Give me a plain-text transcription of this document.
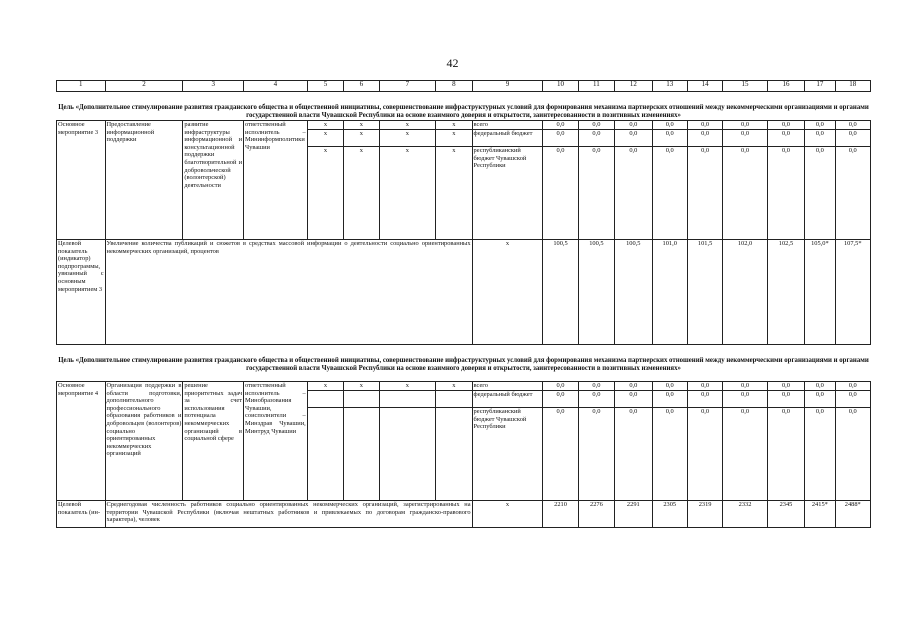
42
1	2	3	4	5	6	7	8	9	10	11	12	13	14	15	16	17	18
Цель «Дополнительное стимулирование развития гражданского общества и общественной инициативы, совершенствование инфраструктурных условий для формирования механизма партнерских отношений между некоммерческими организациями и органами государственной власти Чувашской Республики на основе взаимного доверия и открытости, заинтересованности в позитивных изменениях»																	
Основное мероприятие 3	Предоставление информационной поддержки	развитие инфраструктуры информационной и консультационной поддержки благотворительной и добровольческой (волонтерской) деятельности	ответственный исполнитель – Мининформполитики Чувашии	х	х	х	х	всего	0,0	0,0	0,0	0,0	0,0	0,0	0,0	0,0	0,0
				х	х	х	х	федеральный бюджет	0,0	0,0	0,0	0,0	0,0	0,0	0,0	0,0	0,0
				х	х	х	х	республиканский бюджет Чувашской Республики	0,0	0,0	0,0	0,0	0,0	0,0	0,0	0,0	0,0
Целевой показатель (индикатор) подпрограммы, увязанный с основным мероприятием 3	Увеличение количества публикаций и сюжетов в средствах массовой информации о деятельности социально ориентированных некоммерческих организаций, процентов							х	100,5	100,5	100,5	101,0	101,5	102,0	102,5	105,0*	107,5*
Цель «Дополнительное стимулирование развития гражданского общества и общественной инициативы, совершенствование инфраструктурных условий для формирования механизма партнерских отношений между некоммерческими организациями и органами государственной власти Чувашской Республики на основе взаимного доверия и открытости, заинтересованности в позитивных изменениях»																	
Основное мероприятие 4	Организация поддержки в области подготовки, дополнительного профессионального образования работников и добровольцев (волонтеров) социально ориентированных некоммерческих организаций	решение приоритетных задач за счет использования потенциала некоммерческих организаций в социальной сфере	ответственный исполнитель – Минобразования Чувашии, соисполнители – Минздрав Чувашии, Минтруд Чувашии	х	х	х	х	всего	0,0	0,0	0,0	0,0	0,0	0,0	0,0	0,0	0,0
								федеральный бюджет	0,0	0,0	0,0	0,0	0,0	0,0	0,0	0,0	0,0
								республиканский бюджет Чувашской Республики	0,0	0,0	0,0	0,0	0,0	0,0	0,0	0,0	0,0
Целевой показатель (ин-	Среднегодовая численность работников социально ориентированных некоммерческих организаций, зарегистрированных на территории Чувашской Республики (включая нештатных работников и привлекаемых по договорам гражданско-правового характера), человек							х	2210	2276	2291	2305	2319	2332	2345	2415*	2488*
